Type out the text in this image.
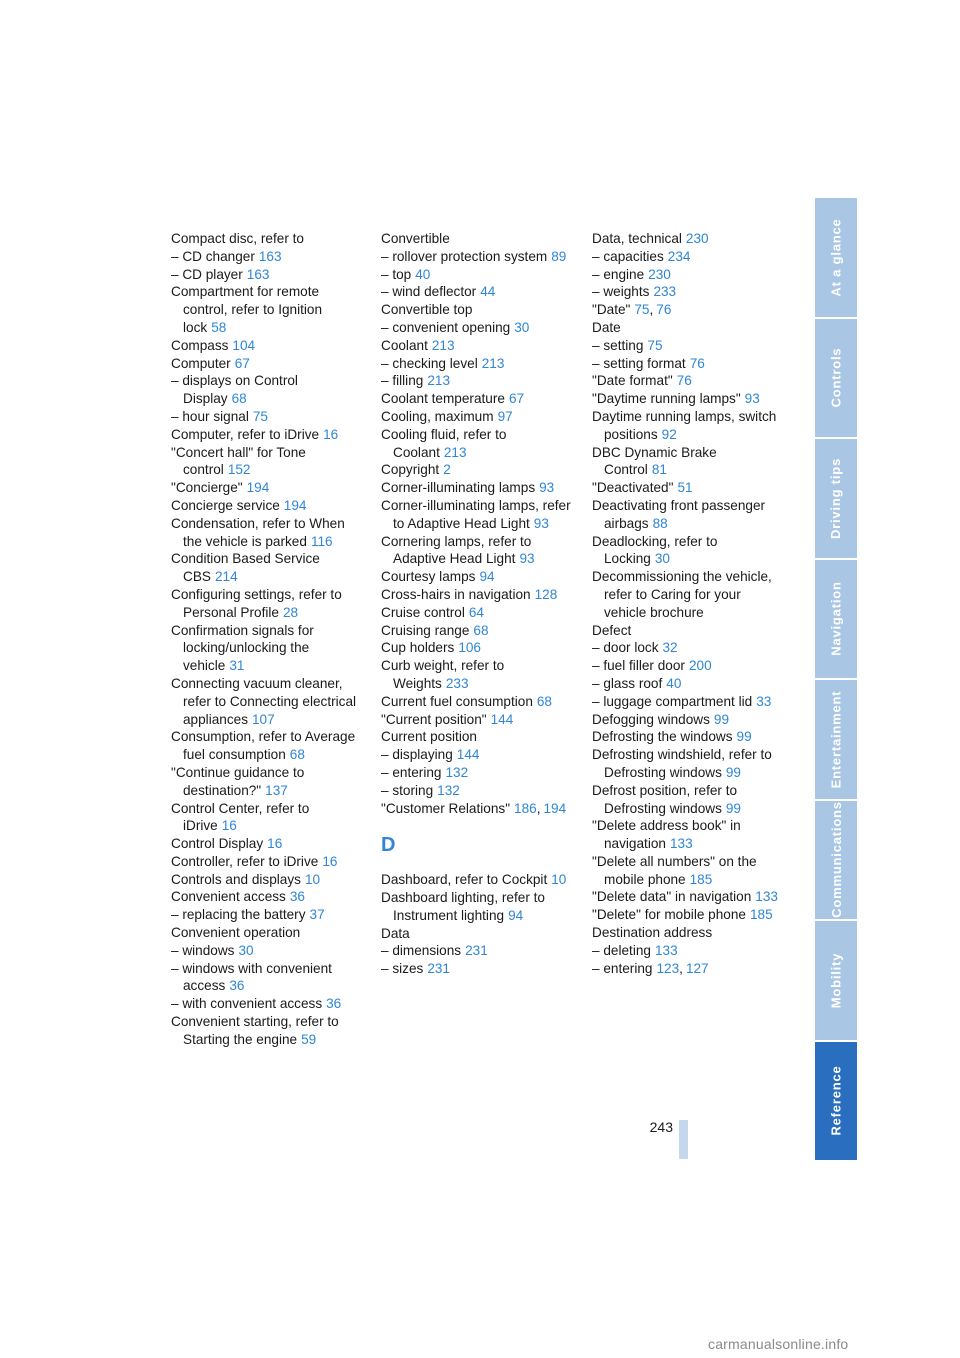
Compact disc, refer to
– CD changer 163
– CD player 163
Compartment for remote control, refer to Ignition lock 58
Compass 104
Computer 67
– displays on Control Display 68
– hour signal 75
Computer, refer to iDrive 16
"Concert hall" for Tone control 152
"Concierge" 194
Concierge service 194
Condensation, refer to When the vehicle is parked 116
Condition Based Service CBS 214
Configuring settings, refer to Personal Profile 28
Confirmation signals for locking/unlocking the vehicle 31
Connecting vacuum cleaner, refer to Connecting electrical appliances 107
Consumption, refer to Average fuel consumption 68
"Continue guidance to destination?" 137
Control Center, refer to iDrive 16
Control Display 16
Controller, refer to iDrive 16
Controls and displays 10
Convenient access 36
– replacing the battery 37
Convenient operation
– windows 30
– windows with convenient access 36
– with convenient access 36
Convenient starting, refer to Starting the engine 59
Convertible
– rollover protection system 89
– top 40
– wind deflector 44
Convertible top
– convenient opening 30
Coolant 213
– checking level 213
– filling 213
Coolant temperature 67
Cooling, maximum 97
Cooling fluid, refer to Coolant 213
Copyright 2
Corner-illuminating lamps 93
Corner-illuminating lamps, refer to Adaptive Head Light 93
Cornering lamps, refer to Adaptive Head Light 93
Courtesy lamps 94
Cross-hairs in navigation 128
Cruise control 64
Cruising range 68
Cup holders 106
Curb weight, refer to Weights 233
Current fuel consumption 68
"Current position" 144
Current position
– displaying 144
– entering 132
– storing 132
"Customer Relations" 186, 194
D
Dashboard, refer to Cockpit 10
Dashboard lighting, refer to Instrument lighting 94
Data
– dimensions 231
– sizes 231
Data, technical 230
– capacities 234
– engine 230
– weights 233
"Date" 75, 76
Date
– setting 75
– setting format 76
"Date format" 76
"Daytime running lamps" 93
Daytime running lamps, switch positions 92
DBC Dynamic Brake Control 81
"Deactivated" 51
Deactivating front passenger airbags 88
Deadlocking, refer to Locking 30
Decommissioning the vehicle, refer to Caring for your vehicle brochure
Defect
– door lock 32
– fuel filler door 200
– glass roof 40
– luggage compartment lid 33
Defogging windows 99
Defrosting the windows 99
Defrosting windshield, refer to Defrosting windows 99
Defrost position, refer to Defrosting windows 99
"Delete address book" in navigation 133
"Delete all numbers" on the mobile phone 185
"Delete data" in navigation 133
"Delete" for mobile phone 185
Destination address
– deleting 133
– entering 123, 127
At a glance
Controls
Driving tips
Navigation
Entertainment
Communications
Mobility
Reference
243
carmanualsonline.info
